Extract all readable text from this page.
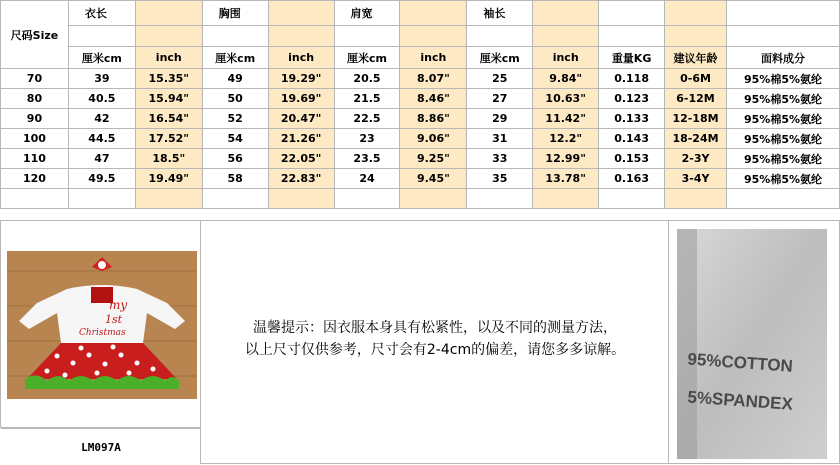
尺码Size	衣长		胸围		肩宽		袖长				

	厘米cm	inch	厘米cm	inch	厘米cm	inch	厘米cm	inch	重量KG	建议年龄	面料成分
70	39	15.35"	49	19.29"	20.5	8.07"	25	9.84"	0.118	0-6M	95%棉5%氨纶
80	40.5	15.94"	50	19.69"	21.5	8.46"	27	10.63"	0.123	6-12M	95%棉5%氨纶
90	42	16.54"	52	20.47"	22.5	8.86"	29	11.42"	0.133	12-18M	95%棉5%氨纶
100	44.5	17.52"	54	21.26"	23	9.06"	31	12.2"	0.143	18-24M	95%棉5%氨纶
110	47	18.5"	56	22.05"	23.5	9.25"	33	12.99"	0.153	2-3Y	95%棉5%氨纶
120	49.5	19.49"	58	22.83"	24	9.45"	35	13.78"	0.163	3-4Y	95%棉5%氨纶

my
1st
Christmas
LM097A
温馨提示：因衣服本身具有松紧性，以及不同的测量方法，
以上尺寸仅供参考，尺寸会有2-4cm的偏差，请您多多谅解。	95%COTTON
5%SPANDEX
